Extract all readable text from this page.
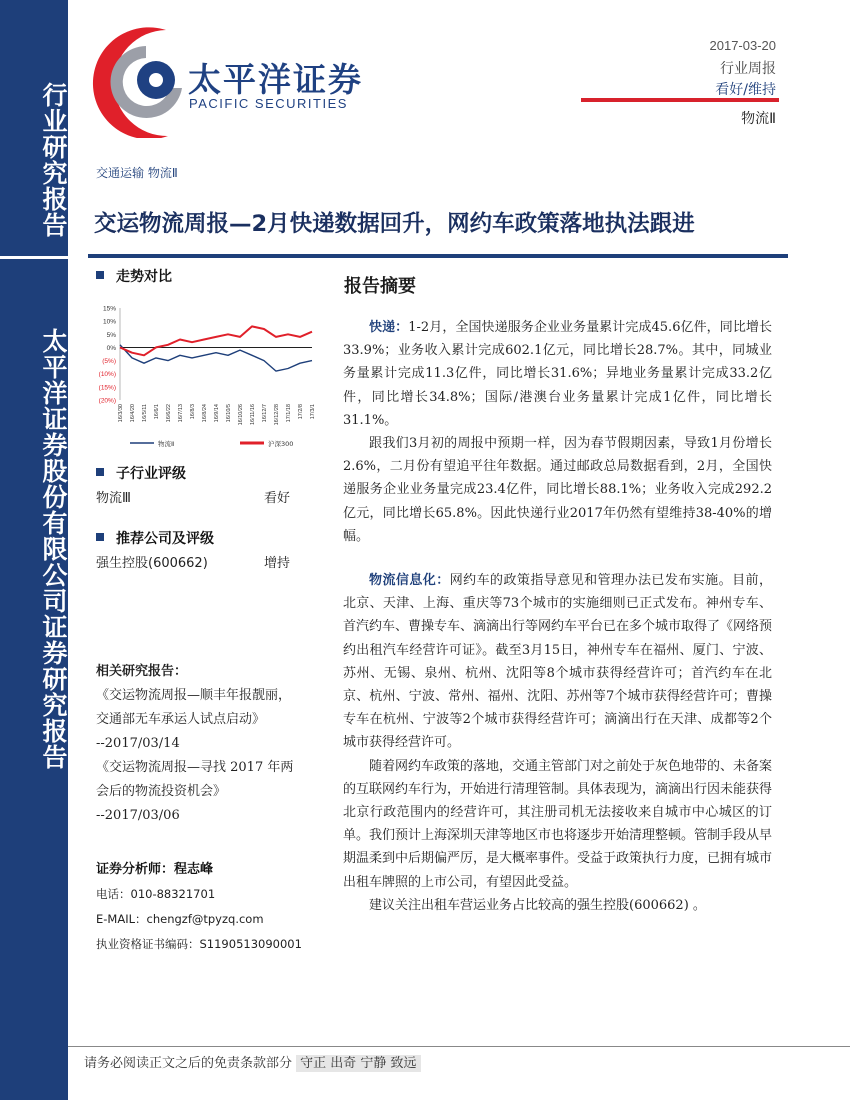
行业研究报告
太平洋证券股份有限公司证券研究报告
太平洋证券
PACIFIC SECURITIES
2017-03-20
行业周报
看好/维持
物流Ⅱ
交通运输 物流Ⅱ
交运物流周报—2月快递数据回升，网约车政策落地执法跟进
走势对比
15%
10%
5%
0%
(5%)
(10%)
(15%)
(20%)
16/3/30 16/4/20 16/5/11 16/6/1 16/6/22 16/7/13 16/8/3 16/8/24 16/9/14 16/10/5 16/10/26 16/11/16 16/12/7 16/12/28 17/1/18 17/2/8 17/3/1
物流Ⅱ	沪深300
子行业评级
物流Ⅲ	看好
推荐公司及评级
强生控股(600662)	增持
相关研究报告：
《交运物流周报—顺丰年报靓丽，
交通部无车承运人试点启动》
--2017/03/14
《交运物流周报—寻找 2017 年两
会后的物流投资机会》
--2017/03/06
证券分析师：程志峰
电话：010-88321701
E-MAIL：chengzf@tpyzq.com
执业资格证书编码：S1190513090001
报告摘要

快递：1-2月，全国快递服务企业业务量累计完成45.6亿件，同比增长33.9%；业务收入累计完成602.1亿元，同比增长28.7%。其中，同城业务量累计完成11.3亿件，同比增长31.6%；异地业务量累计完成33.2亿件，同比增长34.8%；国际/港澳台业务量累计完成1亿件，同比增长31.1%。

跟我们3月初的周报中预期一样，因为春节假期因素，导致1月份增长2.6%，二月份有望追平往年数据。通过邮政总局数据看到，2月，全国快递服务企业业务量完成23.4亿件，同比增长88.1%；业务收入完成292.2亿元，同比增长65.8%。因此快递行业2017年仍然有望维持38-40%的增幅。

物流信息化：网约车的政策指导意见和管理办法已发布实施。目前，北京、天津、上海、重庆等73个城市的实施细则已正式发布。神州专车、首汽约车、曹操专车、滴滴出行等网约车平台已在多个城市取得了《网络预约出租汽车经营许可证》。截至3月15日，神州专车在福州、厦门、宁波、苏州、无锡、泉州、杭州、沈阳等8个城市获得经营许可；首汽约车在北京、杭州、宁波、常州、福州、沈阳、苏州等7个城市获得经营许可；曹操专车在杭州、宁波等2个城市获得经营许可；滴滴出行在天津、成都等2个城市获得经营许可。

随着网约车政策的落地，交通主管部门对之前处于灰色地带的、未备案的互联网约车行为，开始进行清理管制。具体表现为，滴滴出行因未能获得北京行政范围内的经营许可，其注册司机无法接收来自城市中心城区的订单。我们预计上海深圳天津等地区市也将逐步开始清理整顿。管制手段从早期温柔到中后期偏严厉，是大概率事件。受益于政策执行力度，已拥有城市出租车牌照的上市公司，有望因此受益。

建议关注出租车营运业务占比较高的强生控股(600662) 。

请务必阅读正文之后的免责条款部分 守正 出奇 宁静 致远
